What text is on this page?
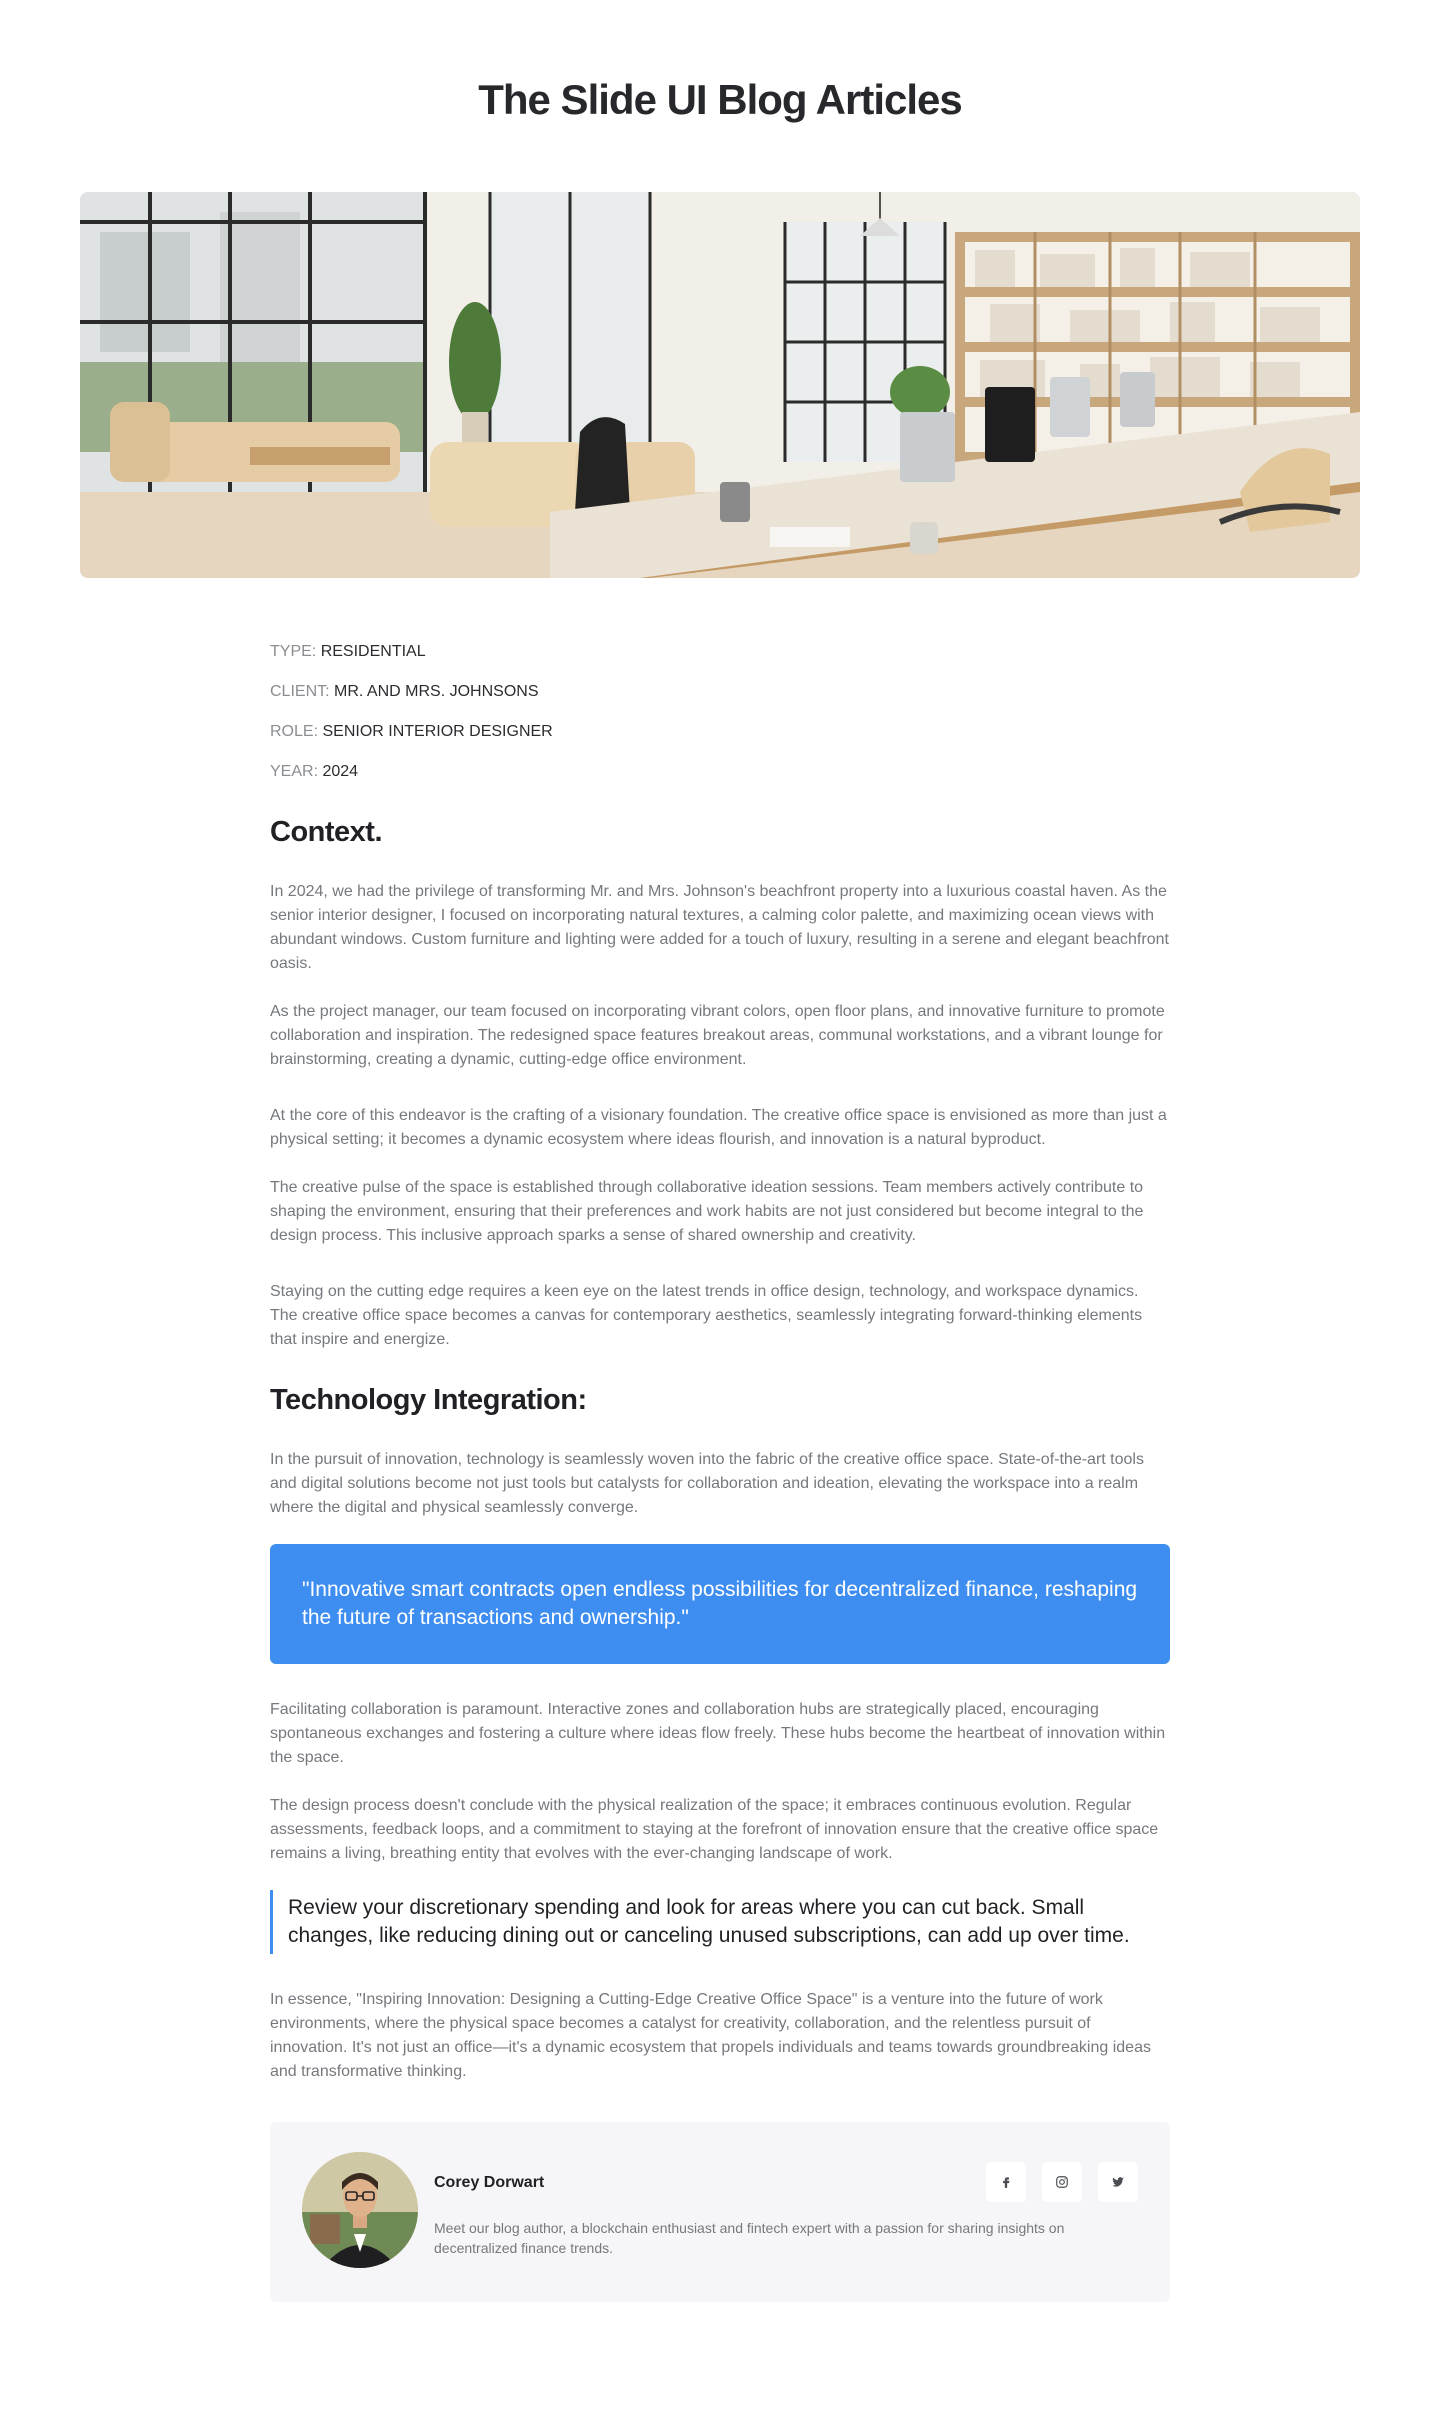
The Slide UI Blog Articles
TYPE: RESIDENTIAL
CLIENT: MR. AND MRS. JOHNSONS
ROLE: SENIOR INTERIOR DESIGNER
YEAR: 2024
Context.

In 2024, we had the privilege of transforming Mr. and Mrs. Johnson's beachfront property into a luxurious coastal haven. As the senior interior designer, I focused on incorporating natural textures, a calming color palette, and maximizing ocean views with abundant windows. Custom furniture and lighting were added for a touch of luxury, resulting in a serene and elegant beachfront oasis.

As the project manager, our team focused on incorporating vibrant colors, open floor plans, and innovative furniture to promote collaboration and inspiration. The redesigned space features breakout areas, communal workstations, and a vibrant lounge for brainstorming, creating a dynamic, cutting-edge office environment.

At the core of this endeavor is the crafting of a visionary foundation. The creative office space is envisioned as more than just a physical setting; it becomes a dynamic ecosystem where ideas flourish, and innovation is a natural byproduct.

The creative pulse of the space is established through collaborative ideation sessions. Team members actively contribute to shaping the environment, ensuring that their preferences and work habits are not just considered but become integral to the design process. This inclusive approach sparks a sense of shared ownership and creativity.

Staying on the cutting edge requires a keen eye on the latest trends in office design, technology, and workspace dynamics. The creative office space becomes a canvas for contemporary aesthetics, seamlessly integrating forward-thinking elements that inspire and energize.

Technology Integration:

In the pursuit of innovation, technology is seamlessly woven into the fabric of the creative office space. State-of-the-art tools and digital solutions become not just tools but catalysts for collaboration and ideation, elevating the workspace into a realm where the digital and physical seamlessly converge.

"Innovative smart contracts open endless possibilities for decentralized finance, reshaping the future of transactions and ownership."

Facilitating collaboration is paramount. Interactive zones and collaboration hubs are strategically placed, encouraging spontaneous exchanges and fostering a culture where ideas flow freely. These hubs become the heartbeat of innovation within the space.

The design process doesn't conclude with the physical realization of the space; it embraces continuous evolution. Regular assessments, feedback loops, and a commitment to staying at the forefront of innovation ensure that the creative office space remains a living, breathing entity that evolves with the ever-changing landscape of work.

Review your discretionary spending and look for areas where you can cut back. Small changes, like reducing dining out or canceling unused subscriptions, can add up over time.

In essence, "Inspiring Innovation: Designing a Cutting-Edge Creative Office Space" is a venture into the future of work environments, where the physical space becomes a catalyst for creativity, collaboration, and the relentless pursuit of innovation. It's not just an office—it's a dynamic ecosystem that propels individuals and teams towards groundbreaking ideas and transformative thinking.

Corey Dorwart
Meet our blog author, a blockchain enthusiast and fintech expert with a passion for sharing insights on decentralized finance trends.
